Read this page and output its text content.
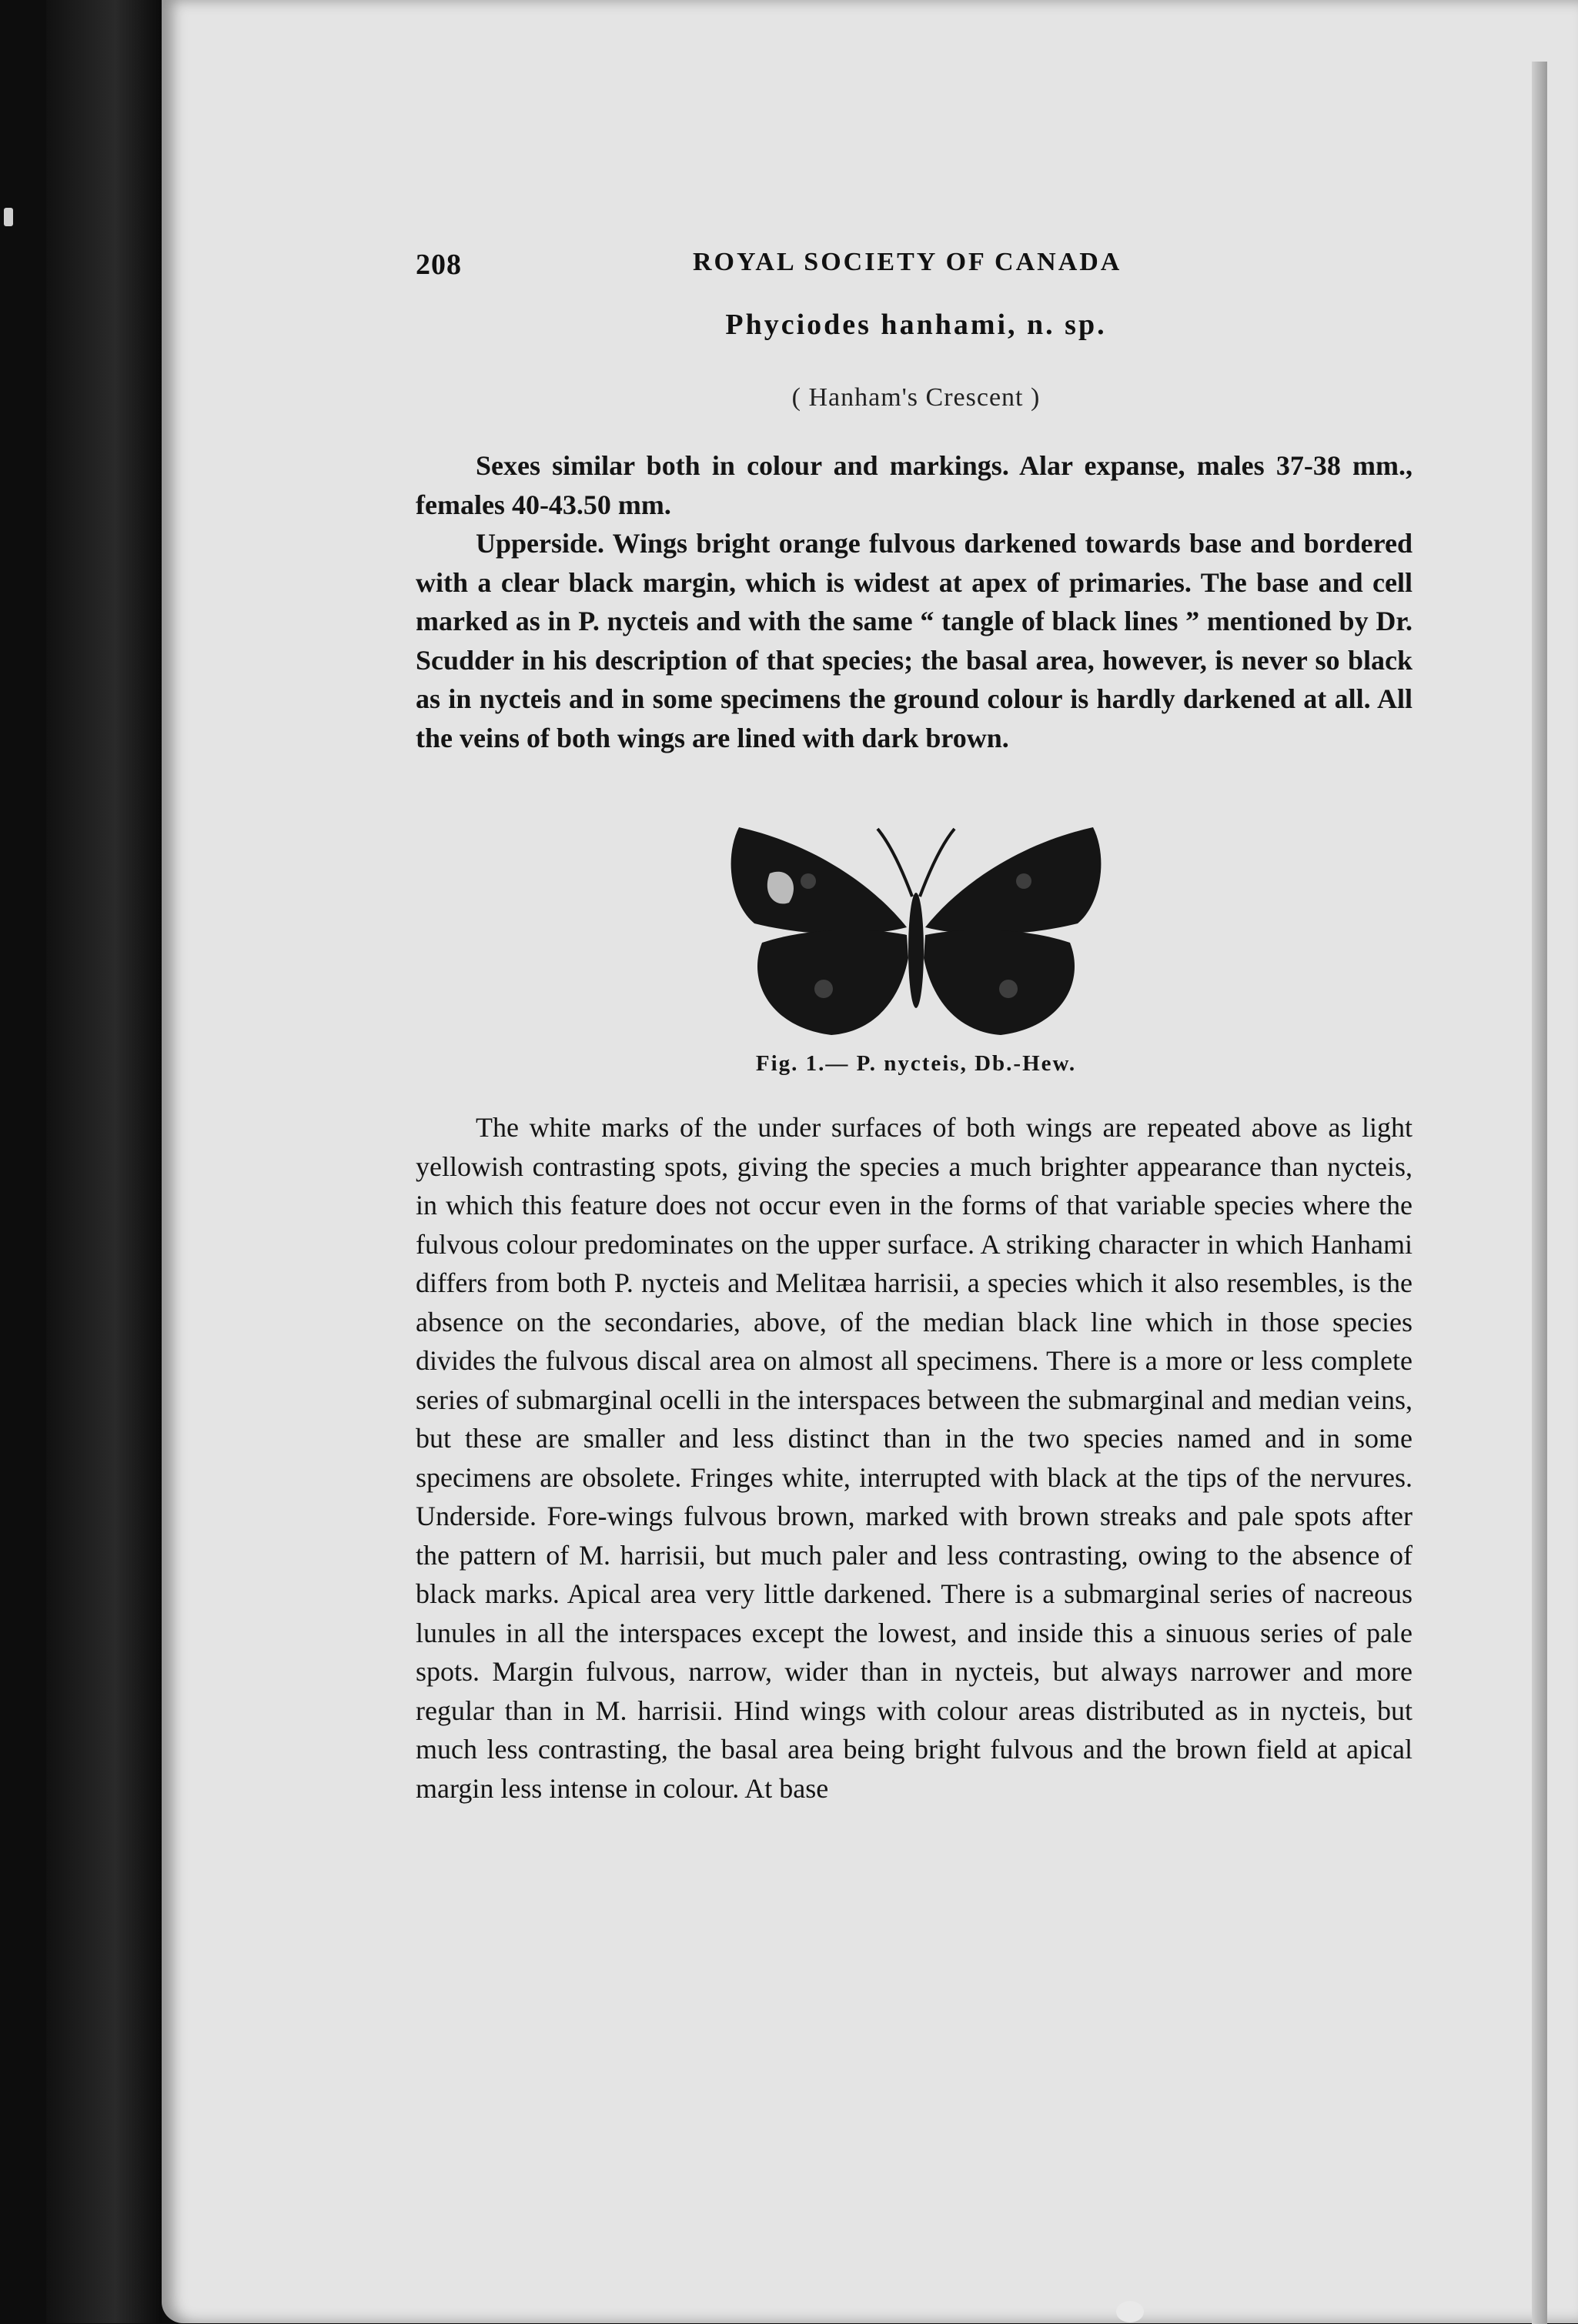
208	ROYAL SOCIETY OF CANADA
Phyciodes hanhami, n. sp.
( Hanham's Crescent )

Sexes similar both in colour and markings. Alar expanse, males 37-38 mm., females 40-43.50 mm.

Upperside. Wings bright orange fulvous darkened towards base and bordered with a clear black margin, which is widest at apex of primaries. The base and cell marked as in P. nycteis and with the same “ tangle of black lines ” mentioned by Dr. Scudder in his description of that species; the basal area, however, is never so black as in nycteis and in some specimens the ground colour is hardly darkened at all. All the veins of both wings are lined with dark brown.

Fig. 1.— P. nycteis, Db.-Hew.

The white marks of the under surfaces of both wings are repeated above as light yellowish contrasting spots, giving the species a much brighter appearance than nycteis, in which this feature does not occur even in the forms of that variable species where the fulvous colour predominates on the upper surface. A striking character in which Hanhami differs from both P. nycteis and Melitæa harrisii, a species which it also resembles, is the absence on the secondaries, above, of the median black line which in those species divides the fulvous discal area on almost all specimens. There is a more or less complete series of submarginal ocelli in the interspaces between the submarginal and median veins, but these are smaller and less distinct than in the two species named and in some specimens are obsolete. Fringes white, interrupted with black at the tips of the nervures. Underside. Fore-wings fulvous brown, marked with brown streaks and pale spots after the pattern of M. harrisii, but much paler and less contrasting, owing to the absence of black marks. Apical area very little darkened. There is a submarginal series of nacreous lunules in all the interspaces except the lowest, and inside this a sinuous series of pale spots. Margin fulvous, narrow, wider than in nycteis, but always narrower and more regular than in M. harrisii. Hind wings with colour areas distributed as in nycteis, but much less contrasting, the basal area being bright fulvous and the brown field at apical margin less intense in colour. At base
